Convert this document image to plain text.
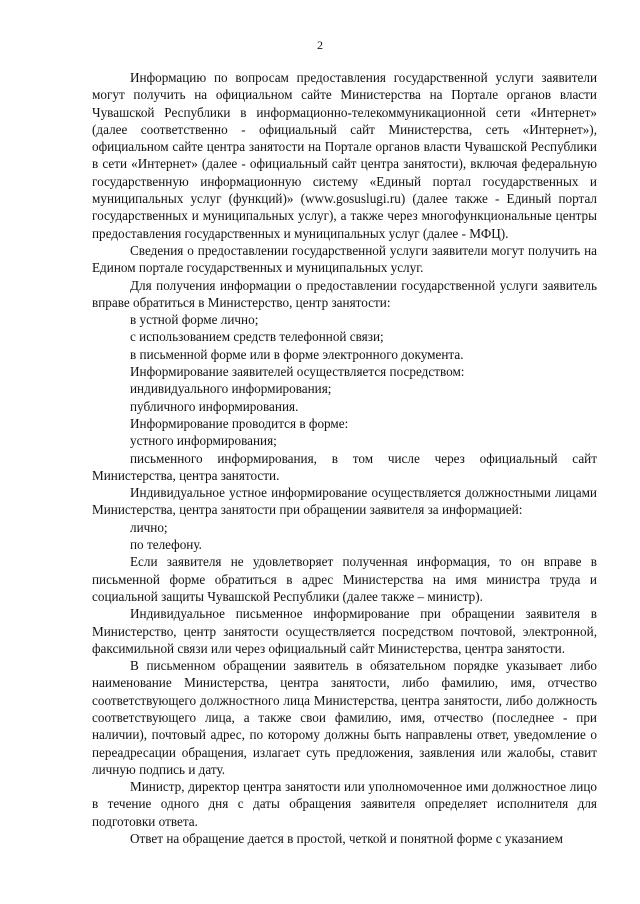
2

Информацию по вопросам предоставления государственной услуги заявители могут получить на официальном сайте Министерства на Портале органов власти Чувашской Республики в информационно-телекоммуникационной сети «Интернет» (далее соответственно - официальный сайт Министерства, сеть «Интернет»), официальном сайте центра занятости на Портале органов власти Чувашской Республики в сети «Интернет» (далее - официальный сайт центра занятости), включая федеральную государственную информационную систему «Единый портал государственных и муниципальных услуг (функций)» (www.gosuslugi.ru) (далее также - Единый портал государственных и муниципальных услуг), а также через многофункциональные центры предоставления государственных и муниципальных услуг (далее - МФЦ).

Сведения о предоставлении государственной услуги заявители могут получить на Едином портале государственных и муниципальных услуг.

Для получения информации о предоставлении государственной услуги заявитель вправе обратиться в Министерство, центр занятости:

в устной форме лично;

с использованием средств телефонной связи;

в письменной форме или в форме электронного документа.

Информирование заявителей осуществляется посредством:

индивидуального информирования;

публичного информирования.

Информирование проводится в форме:

устного информирования;

письменного информирования, в том числе через официальный сайт Министерства, центра занятости.

Индивидуальное устное информирование осуществляется должностными лицами Министерства, центра занятости при обращении заявителя за информацией:

лично;

по телефону.

Если заявителя не удовлетворяет полученная информация, то он вправе в письменной форме обратиться в адрес Министерства на имя министра труда и социальной защиты Чувашской Республики (далее также – министр).

Индивидуальное письменное информирование при обращении заявителя в Министерство, центр занятости осуществляется посредством почтовой, электронной, факсимильной связи или через официальный сайт Министерства, центра занятости.

В письменном обращении заявитель в обязательном порядке указывает либо наименование Министерства, центра занятости, либо фамилию, имя, отчество соответствующего должностного лица Министерства, центра занятости, либо должность соответствующего лица, а также свои фамилию, имя, отчество (последнее - при наличии), почтовый адрес, по которому должны быть направлены ответ, уведомление о переадресации обращения, излагает суть предложения, заявления или жалобы, ставит личную подпись и дату.

Министр, директор центра занятости или уполномоченное ими должностное лицо в течение одного дня с даты обращения заявителя определяет исполнителя для подготовки ответа.

Ответ на обращение дается в простой, четкой и понятной форме с указанием
